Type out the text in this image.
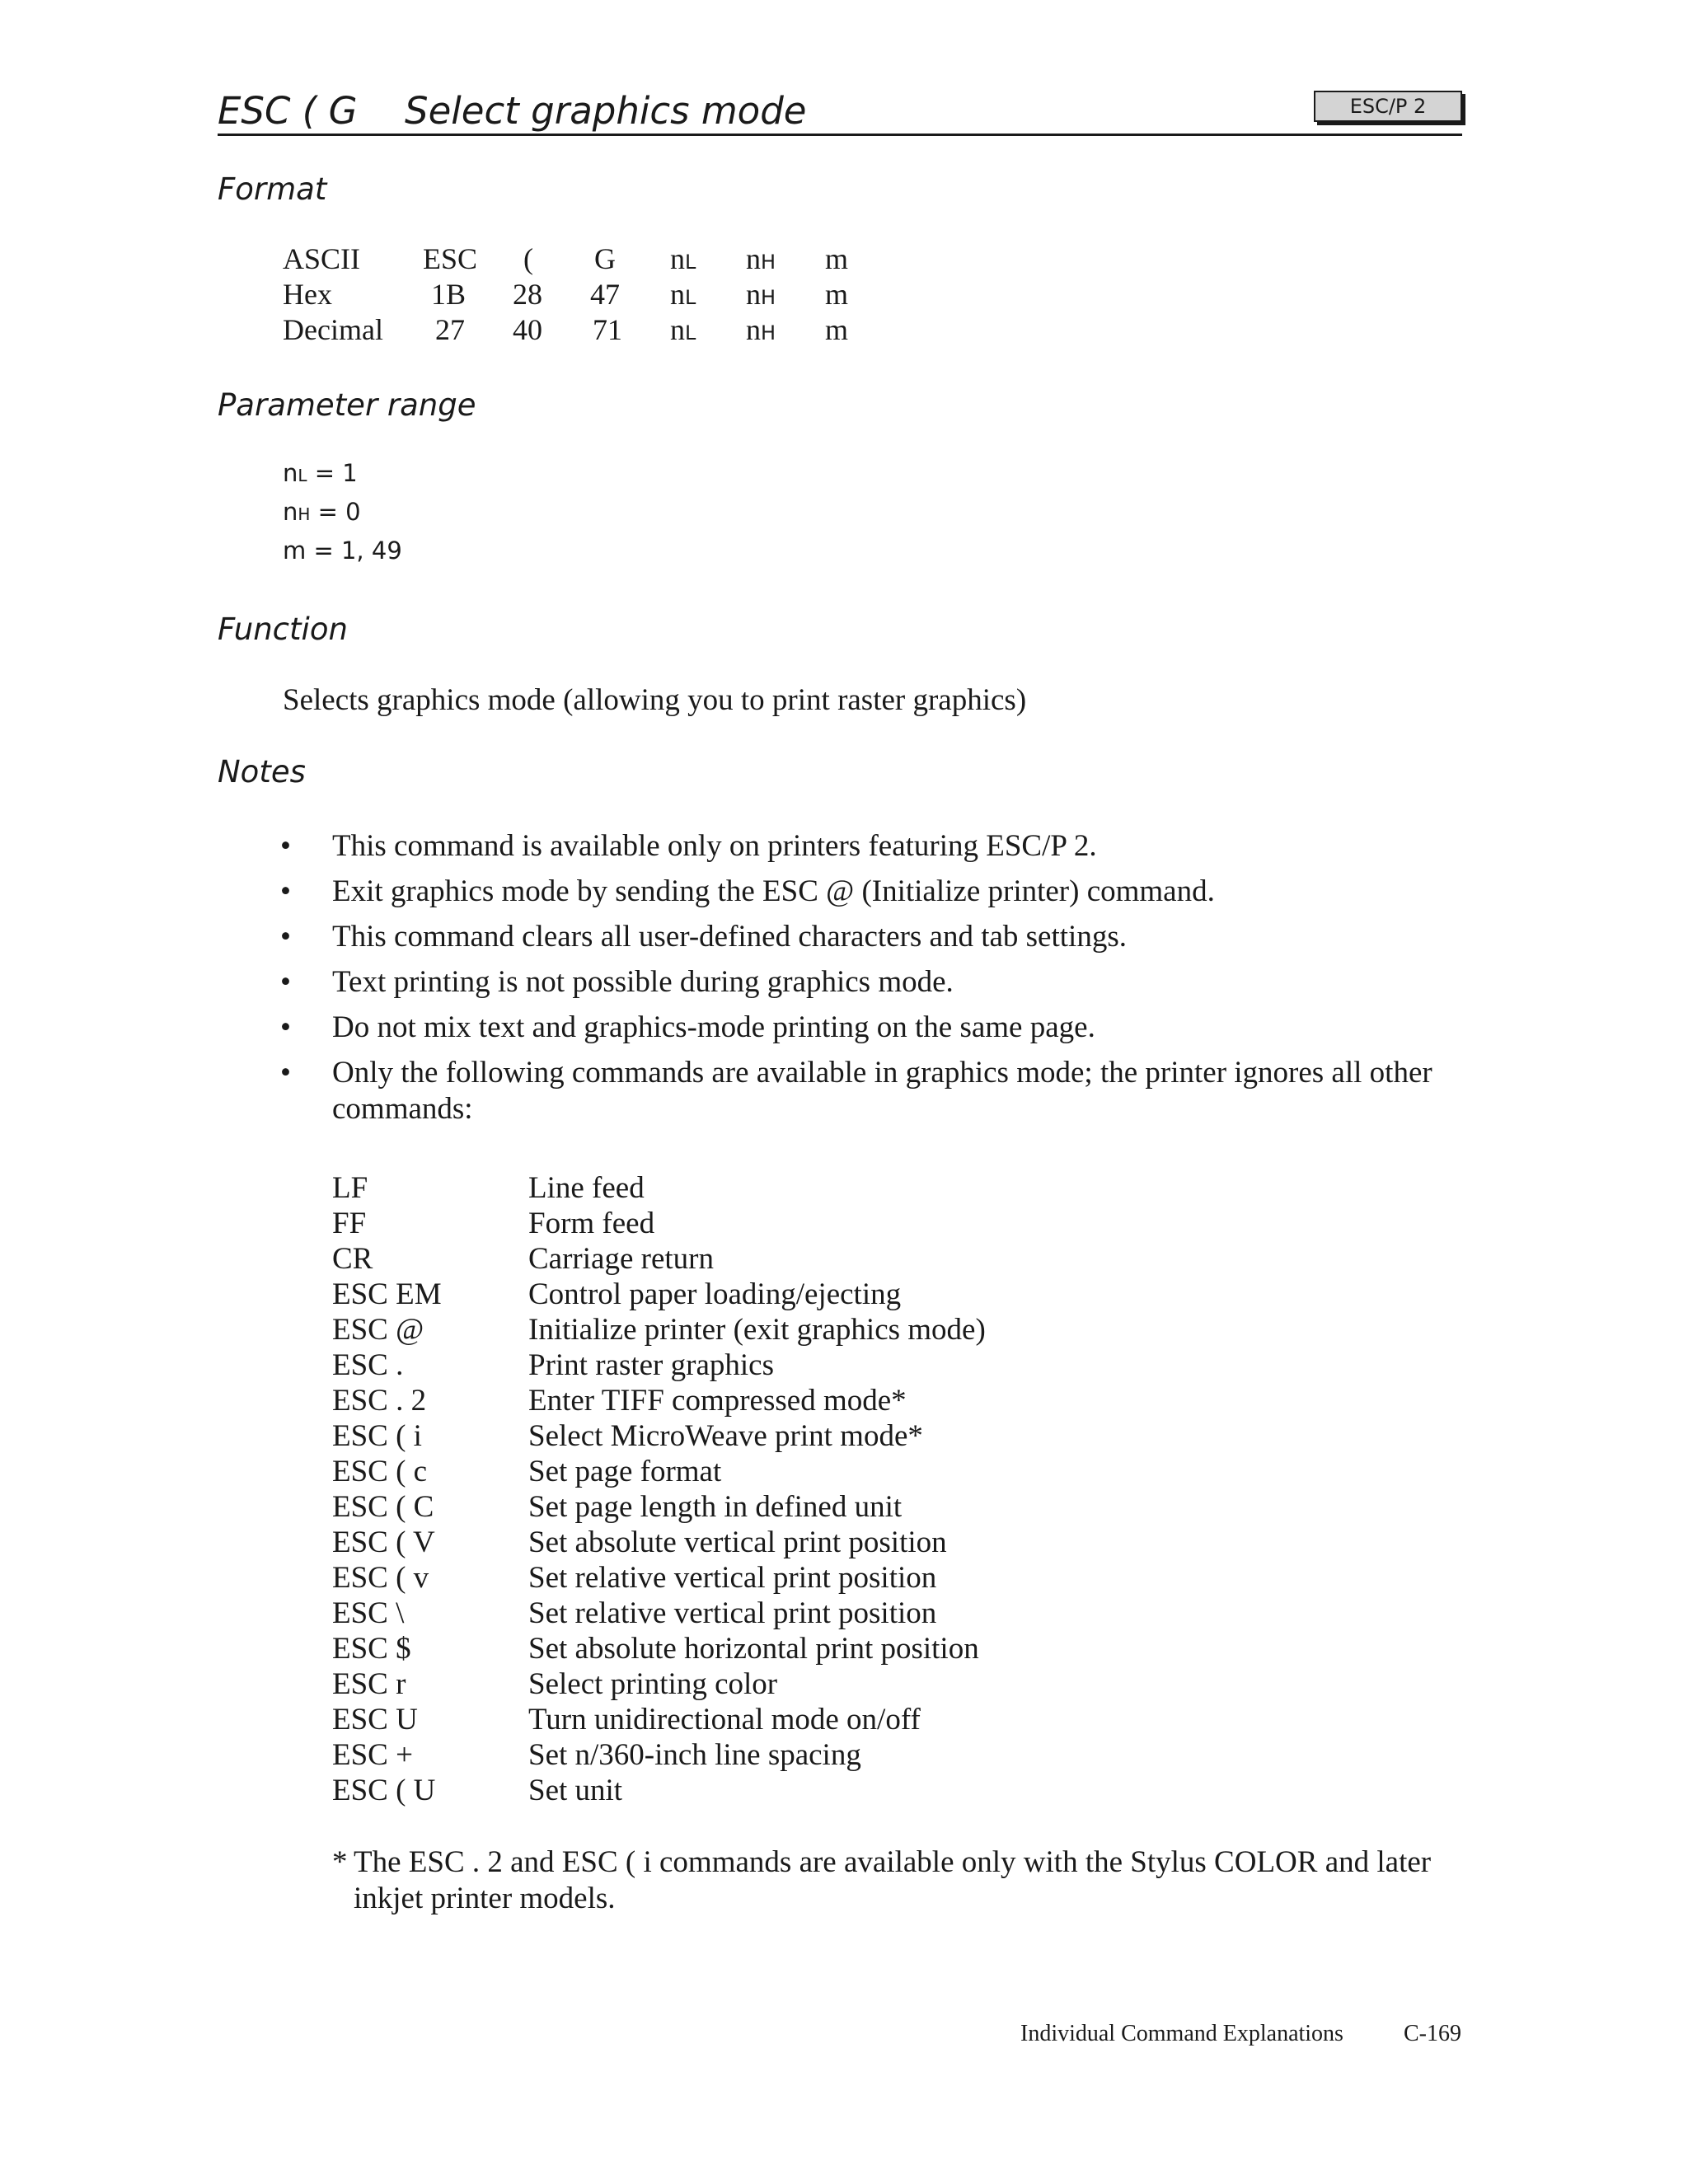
ESC ( G Select graphics mode	ESC/P 2
Format
ASCII ESC ( G nL nH m
Hex	1B 28 47 nL nH m
Decimal 27 40 71 nL nH m
Parameter range
nL = 1
nH = 0
m = 1, 49
Function
Selects graphics mode (allowing you to print raster graphics)
Notes
• This command is available only on printers featuring ESC/P 2.
• Exit graphics mode by sending the ESC @ (Initialize printer) command.
• This command clears all user-defined characters and tab settings.
• Text printing is not possible during graphics mode.
• Do not mix text and graphics-mode printing on the same page.
• Only the following commands are available in graphics mode; the printer ignores all other commands:
LF	Line feed
FF	Form feed
CR	Carriage return
ESC EM	Control paper loading/ejecting
ESC @	Initialize printer (exit graphics mode)
ESC .	Print raster graphics
ESC . 2	Enter TIFF compressed mode*
ESC ( i	Select MicroWeave print mode*
ESC ( c	Set page format
ESC ( C	Set page length in defined unit
ESC ( V	Set absolute vertical print position
ESC ( v	Set relative vertical print position
ESC \	Set relative vertical print position
ESC $	Set absolute horizontal print position
ESC r	Select printing color
ESC U	Turn unidirectional mode on/off
ESC +	Set n/360-inch line spacing
ESC ( U	Set unit
* The ESC . 2 and ESC ( i commands are available only with the Stylus COLOR and later inkjet printer models.
Individual Command Explanations	C-169
